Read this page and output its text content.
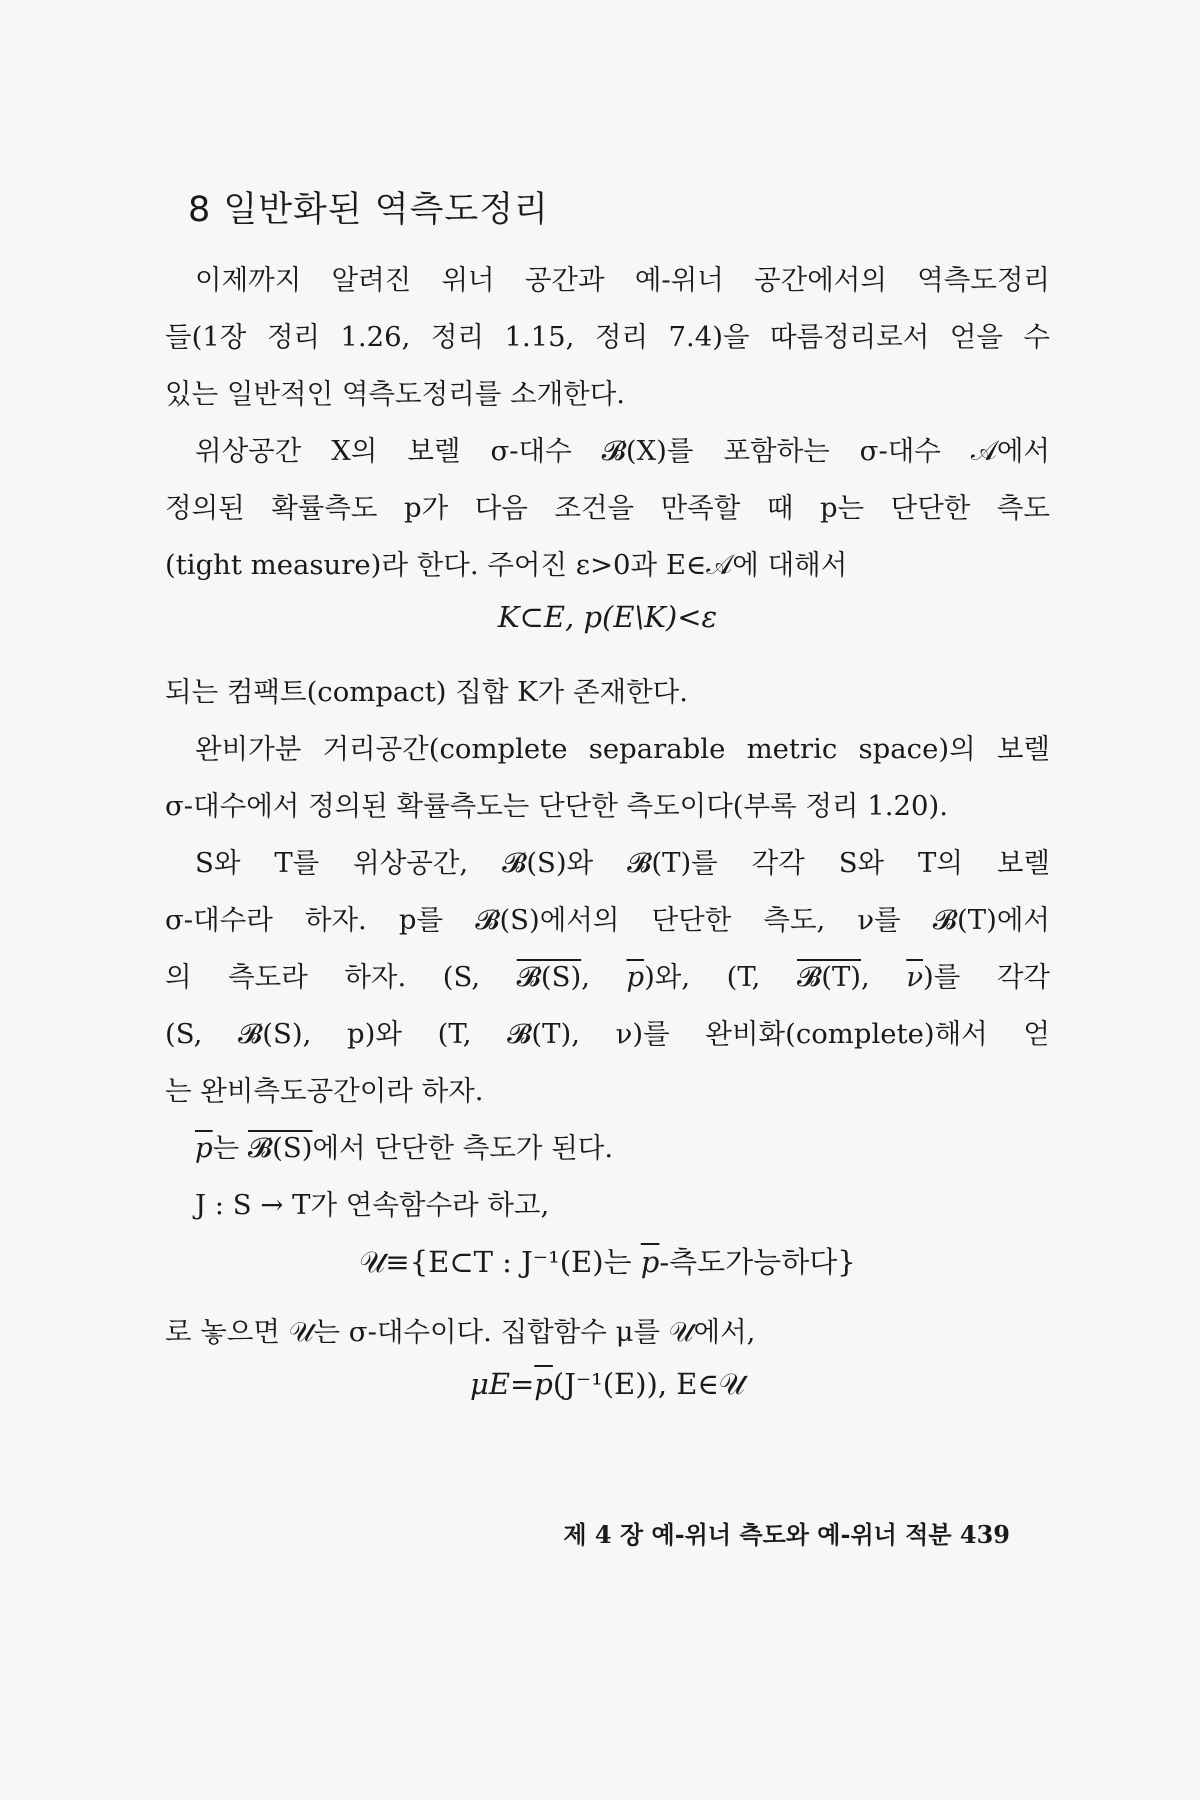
8 일반화된 역측도정리

이제까지 알려진 위너 공간과 예-위너 공간에서의 역측도정리

들(1장 정리 1.26, 정리 1.15, 정리 7.4)을 따름정리로서 얻을 수

있는 일반적인 역측도정리를 소개한다.

위상공간 X의 보렐 σ-대수 𝓑(X)를 포함하는 σ-대수 𝒜에서

정의된 확률측도 p가 다음 조건을 만족할 때 p는 단단한 측도

(tight measure)라 한다. 주어진 ε>0과 E∈𝒜에 대해서

K⊂E, p(E\K)<ε

되는 컴팩트(compact) 집합 K가 존재한다.

완비가분 거리공간(complete separable metric space)의 보렐

σ-대수에서 정의된 확률측도는 단단한 측도이다(부록 정리 1.20).

S와 T를 위상공간, 𝓑(S)와 𝓑(T)를 각각 S와 T의 보렐

σ-대수라 하자. p를 𝓑(S)에서의 단단한 측도, ν를 𝓑(T)에서

의 측도라 하자. (S, 𝓑(S), $\overline{p}$)와, (T, 𝓑(T), $\overline{\nu}$)를 각각

(S, 𝓑(S), p)와 (T, 𝓑(T), ν)를 완비화(complete)해서 얻

는 완비측도공간이라 하자.

$\overline{p}$는 𝓑(S)에서 단단한 측도가 된다.

J : S → T가 연속함수라 하고,

𝒰≡{E⊂T : J⁻¹(E)는 $\overline{p}-$측도가능하다}

로 놓으면 𝒰는 σ-대수이다. 집합함수 μ를 𝒰에서,

$\mu E=\overline{p}(J^{-1}(E))$, E∈𝒰

제 4 장 예-위너 측도와 예-위너 적분 439
